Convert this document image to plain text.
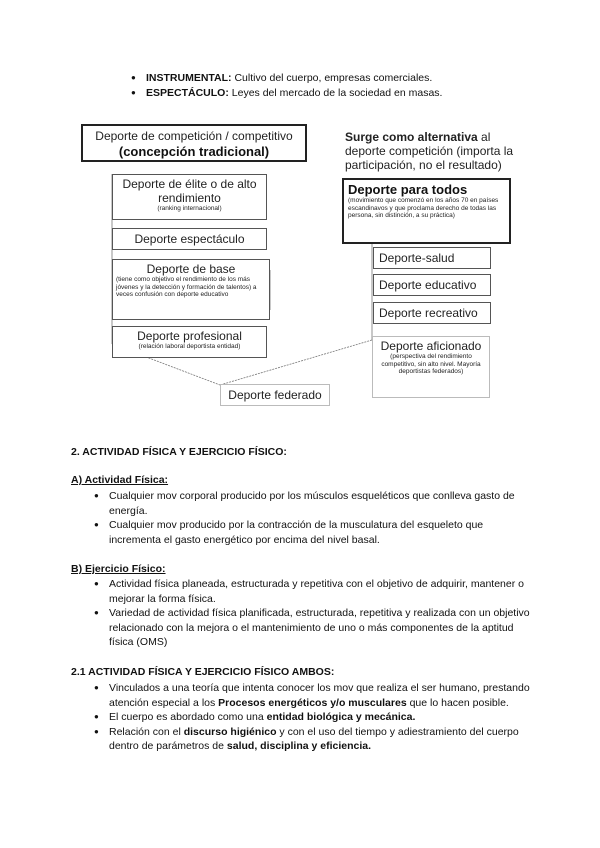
● INSTRUMENTAL: Cultivo del cuerpo, empresas comerciales.
● ESPECTÁCULO: Leyes del mercado de la sociedad en masas.
Deporte de competición / competitivo
(concepción tradicional)
Deporte de élite o de alto rendimiento
(ranking internacional)
Deporte espectáculo
Deporte de base
(tiene como objetivo el rendimiento de los más jóvenes y la detección y formación de talentos) a veces confusión con deporte educativo
Deporte profesional
(relación laboral deportista entidad)
Deporte federado
Surge como alternativa al deporte competición (importa la participación, no el resultado)
Deporte para todos
(movimiento que comenzó en los años 70 en países escandinavos y que proclama derecho de todas las persona, sin distinción, a su práctica)
Deporte-salud
Deporte educativo
Deporte recreativo
Deporte aficionado
(perspectiva del rendimiento competitivo, sin alto nivel. Mayoría deportistas federados)
2. ACTIVIDAD FÍSICA Y EJERCICIO FÍSICO:
A) Actividad Física:
● Cualquier mov corporal producido por los músculos esqueléticos que conlleva gasto de energía.
● Cualquier mov producido por la contracción de la musculatura del esqueleto que incrementa el gasto energético por encima del nivel basal.
B) Ejercicio Físico:
● Actividad física planeada, estructurada y repetitiva con el objetivo de adquirir, mantener o mejorar la forma física.
● Variedad de actividad física planificada, estructurada, repetitiva y realizada con un objetivo relacionado con la mejora o el mantenimiento de uno o más componentes de la aptitud física (OMS)
2.1 ACTIVIDAD FÍSICA Y EJERCICIO FÍSICO AMBOS:
● Vinculados a una teoría que intenta conocer los mov que realiza el ser humano, prestando atención especial a los Procesos energéticos y/o musculares que lo hacen posible.
● El cuerpo es abordado como una entidad biológica y mecánica.
● Relación con el discurso higiénico y con el uso del tiempo y adiestramiento del cuerpo dentro de parámetros de salud, disciplina y eficiencia.
